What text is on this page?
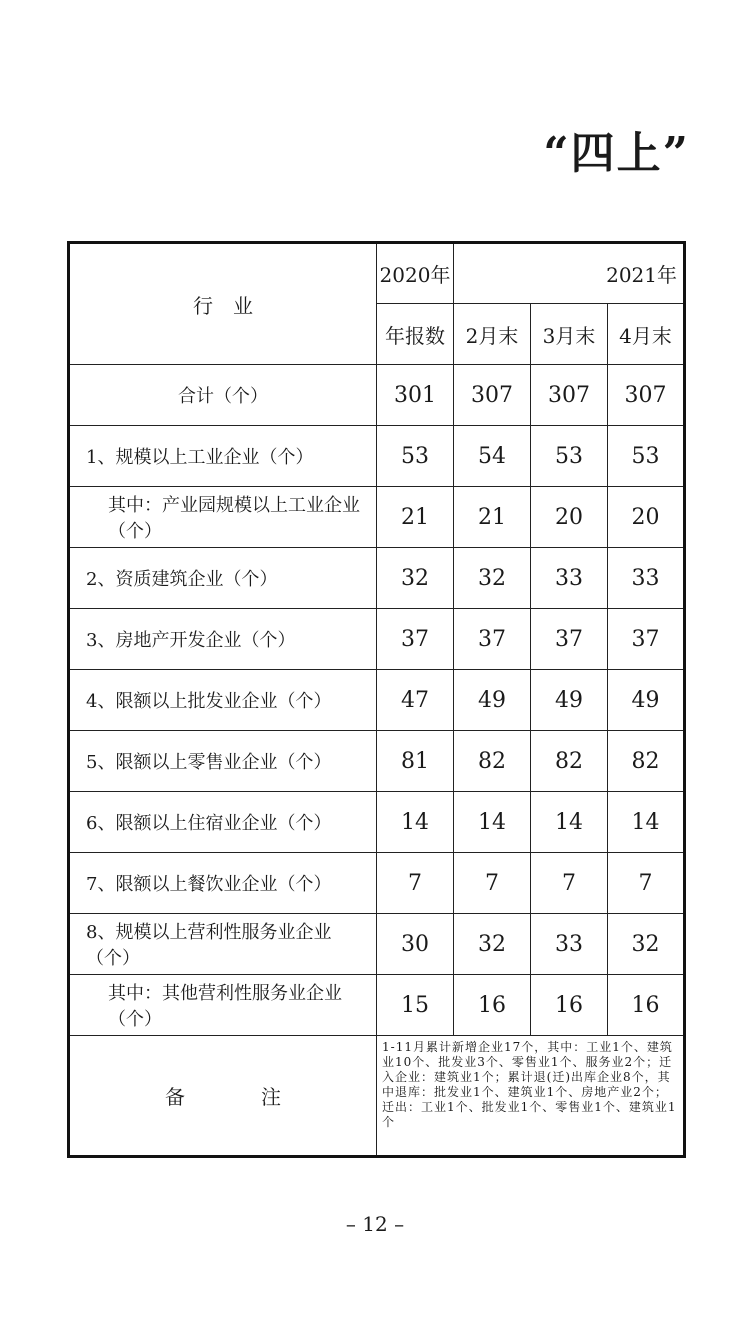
“四上”
行　业	2020年	2021年		
	年报数	2月末	3月末	4月末
合计（个）	301	307	307	307
1、规模以上工业企业（个）	53	54	53	53
其中：产业园规模以上工业企业（个）	21	21	20	20
2、资质建筑企业（个）	32	32	33	33
3、房地产开发企业（个）	37	37	37	37
4、限额以上批发业企业（个）	47	49	49	49
5、限额以上零售业企业（个）	81	82	82	82
6、限额以上住宿业企业（个）	14	14	14	14
7、限额以上餐饮业企业（个）	7	7	7	7
8、规模以上营利性服务业企业（个）	30	32	33	32
其中：其他营利性服务业企业（个）	15	16	16	16
备　注	1-11月累计新增企业17个，其中：工业1个、建筑业10个、批发业3个、零售业1个、服务业2个；迁入企业：建筑业1个；累计退(迁)出库企业8个，其中退库：批发业1个、建筑业1个、房地产业2个；迁出：工业1个、批发业1个、零售业1个、建筑业1个			
– 12 –
